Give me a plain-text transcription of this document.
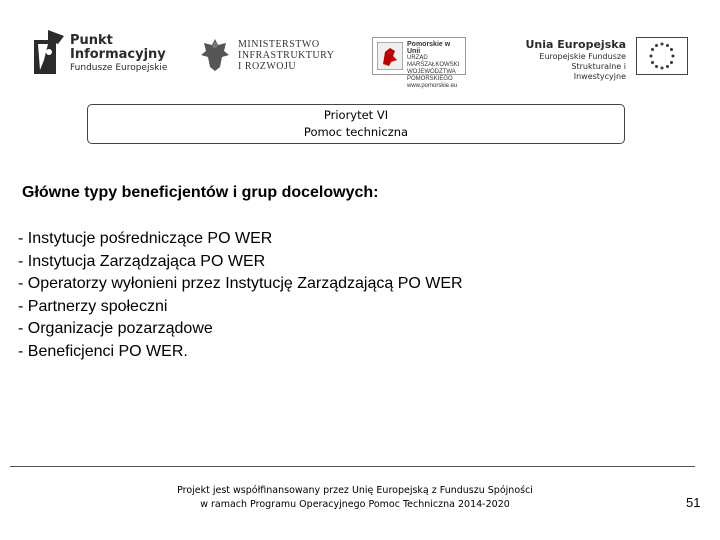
Punkt
Informacyjny
Fundusze Europejskie
MINISTERSTWO
INFRASTRUKTURY
I ROZWOJU
Pomorskie w Unii
URZĄD MARSZAŁKOWSKI
WOJEWÓDZTWA POMORSKIEGO
www.pomorskie.eu
Unia Europejska
Europejskie Fundusze
Strukturalne i Inwestycyjne
Priorytet VI
Pomoc techniczna
Główne typy beneficjentów i grup docelowych:
- Instytucje pośredniczące PO WER
- Instytucja Zarządzająca PO WER
- Operatorzy wyłonieni przez Instytucję Zarządzającą PO WER
- Partnerzy społeczni
- Organizacje pozarządowe
- Beneficjenci PO WER.
Projekt jest współfinansowany przez Unię Europejską z Funduszu Spójności
w ramach Programu Operacyjnego Pomoc Techniczna 2014-2020	51
